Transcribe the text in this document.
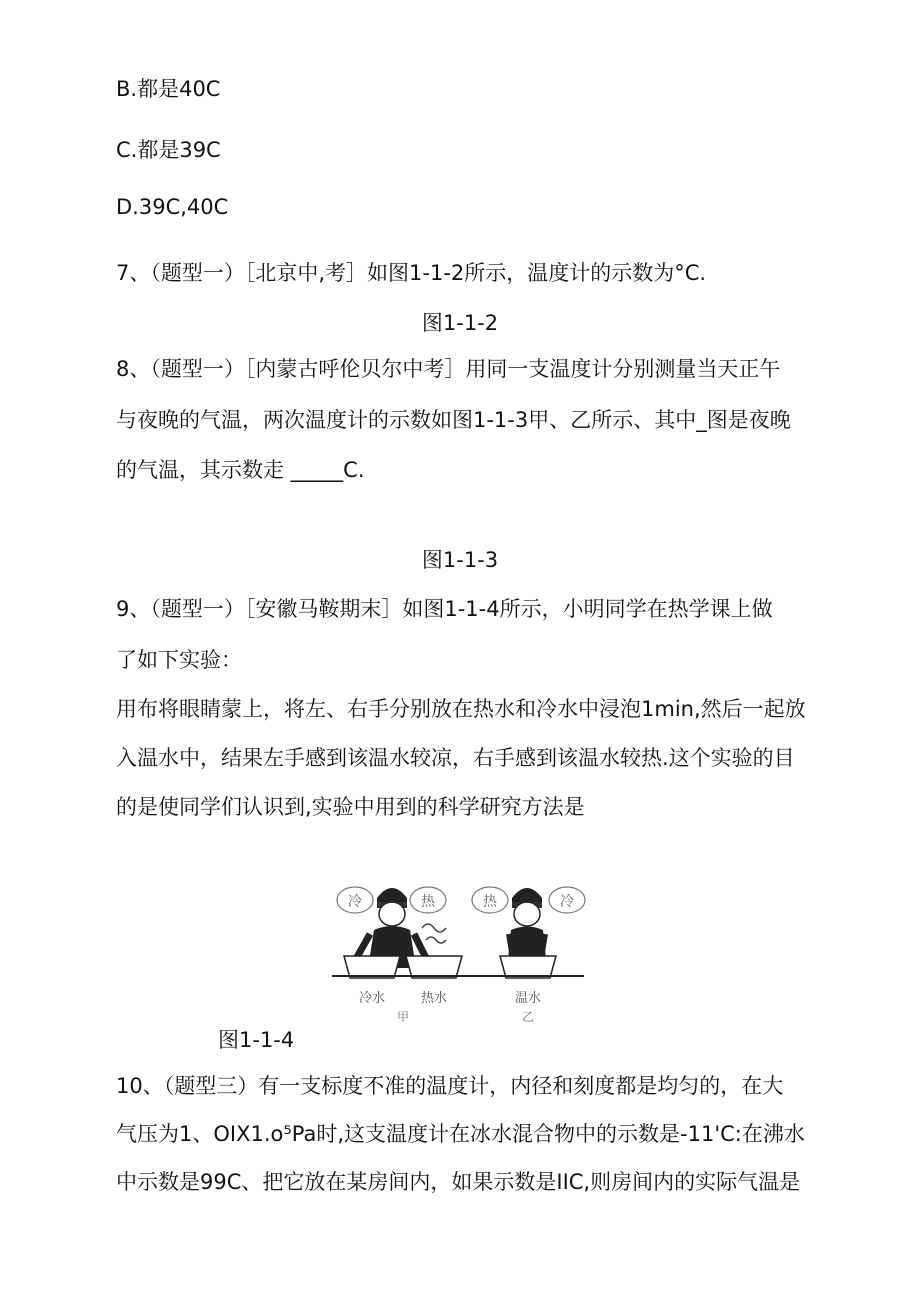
B.都是40C
C.都是39C
D.39C,40C
7、（题型一）［北京中,考］如图1-1-2所示，温度计的示数为°C.
图1-1-2
8、（题型一）［内蒙古呼伦贝尔中考］用同一支温度计分别测量当天正午
与夜晚的气温，两次温度计的示数如图1-1-3甲、乙所示、其中_图是夜晚
的气温，其示数走 _____C.
图1-1-3
9、（题型一）［安徽马鞍期末］如图1-1-4所示，小明同学在热学课上做
了如下实验：
用布将眼睛蒙上，将左、右手分别放在热水和冷水中浸泡1min,然后一起放
入温水中，结果左手感到该温水较凉，右手感到该温水较热.这个实验的目
的是使同学们认识到,实验中用到的科学研究方法是
冷	热	热	冷
冷水	热水	温水
甲	乙
图1-1-4
10、（题型三）有一支标度不准的温度计，内径和刻度都是均匀的，在大
气压为1、OIX1.o⁵Pa时,这支温度计在冰水混合物中的示数是-11'C:在沸水
中示数是99C、把它放在某房间内，如果示数是IIC,则房间内的实际气温是
